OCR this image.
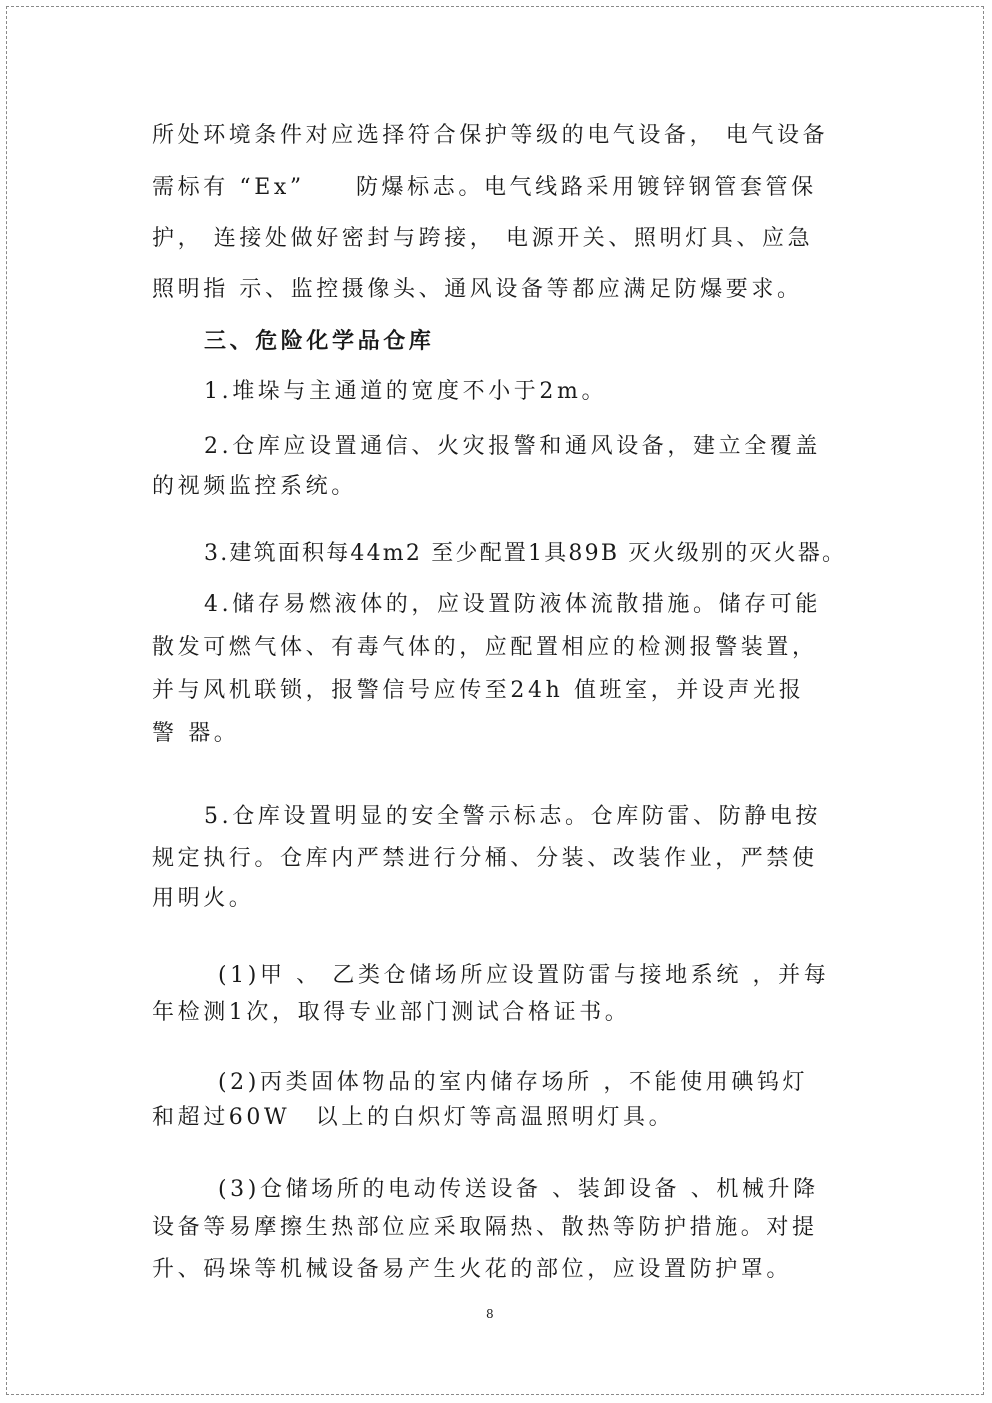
所处环境条件对应选择符合保护等级的电气设备， 电气设备
需标有 “Ex”　　防爆标志。电气线路采用镀锌钢管套管保
护， 连接处做好密封与跨接， 电源开关、照明灯具、应急
照明指 示、监控摄像头、通风设备等都应满足防爆要求。
三、危险化学品仓库
1.堆垛与主通道的宽度不小于2m。
2.仓库应设置通信、火灾报警和通风设备，建立全覆盖
的视频监控系统。
3.建筑面积每44m2 至少配置1具89B 灭火级别的灭火器。
4.储存易燃液体的，应设置防液体流散措施。储存可能
散发可燃气体、有毒气体的，应配置相应的检测报警装置，
并与风机联锁，报警信号应传至24h 值班室，并设声光报
警 器。
5.仓库设置明显的安全警示标志。仓库防雷、防静电按
规定执行。仓库内严禁进行分桶、分装、改装作业，严禁使
用明火。
(1)甲 、 乙类仓储场所应设置防雷与接地系统 ，并每
年检测1次，取得专业部门测试合格证书。
(2)丙类固体物品的室内储存场所 ，不能使用碘钨灯
和超过60W　以上的白炽灯等高温照明灯具。
(3)仓储场所的电动传送设备 、装卸设备 、机械升降
设备等易摩擦生热部位应采取隔热、散热等防护措施。对提
升、码垛等机械设备易产生火花的部位，应设置防护罩。
8
